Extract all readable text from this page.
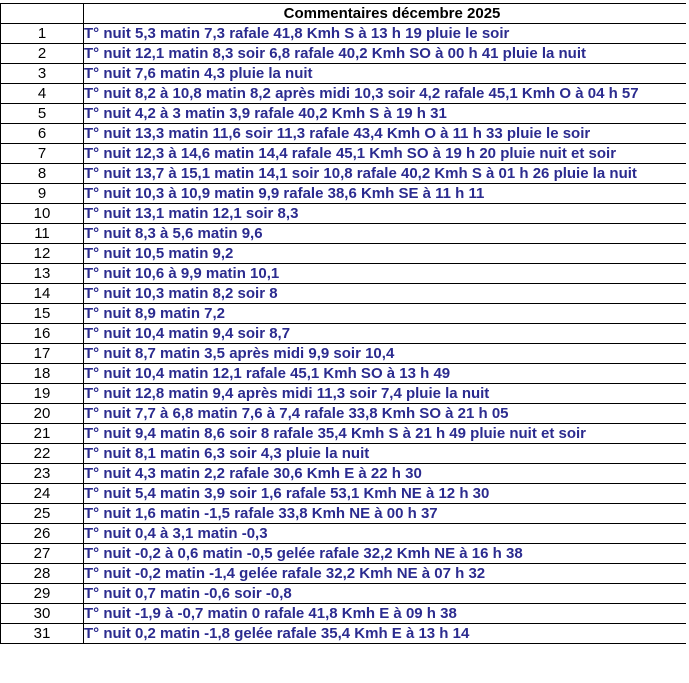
	Commentaires décembre 2025
1	T° nuit 5,3 matin 7,3 rafale 41,8 Kmh S à 13 h 19 pluie le soir
2	T° nuit 12,1 matin 8,3 soir 6,8 rafale 40,2 Kmh SO à 00 h 41 pluie la nuit
3	T° nuit 7,6 matin 4,3 pluie la nuit
4	T° nuit 8,2 à 10,8 matin 8,2 après midi 10,3 soir 4,2 rafale 45,1 Kmh O à 04 h 57
5	T° nuit 4,2 à 3 matin 3,9 rafale 40,2 Kmh S à 19 h 31
6	T° nuit 13,3 matin 11,6 soir 11,3 rafale 43,4 Kmh O à 11 h 33 pluie le soir
7	T° nuit 12,3 à 14,6 matin 14,4 rafale 45,1 Kmh SO à 19 h 20 pluie nuit et soir
8	T° nuit 13,7 à 15,1 matin 14,1 soir 10,8 rafale 40,2 Kmh S à 01 h 26 pluie la nuit
9	T° nuit 10,3 à 10,9 matin 9,9 rafale 38,6 Kmh SE à 11 h 11
10	T° nuit 13,1 matin 12,1 soir 8,3
11	T° nuit 8,3 à 5,6 matin 9,6
12	T° nuit 10,5 matin 9,2
13	T° nuit 10,6 à 9,9 matin 10,1
14	T° nuit 10,3 matin 8,2 soir 8
15	T° nuit 8,9 matin 7,2
16	T° nuit 10,4 matin 9,4 soir 8,7
17	T° nuit 8,7 matin 3,5 après midi 9,9 soir 10,4
18	T° nuit 10,4 matin 12,1 rafale 45,1 Kmh SO à 13 h 49
19	T° nuit 12,8 matin 9,4 après midi 11,3 soir 7,4 pluie la nuit
20	T° nuit 7,7 à 6,8 matin 7,6 à 7,4 rafale 33,8 Kmh SO à 21 h 05
21	T° nuit 9,4 matin 8,6 soir 8 rafale 35,4 Kmh S à 21 h 49 pluie nuit et soir
22	T° nuit 8,1 matin 6,3 soir 4,3 pluie la nuit
23	T° nuit 4,3 matin 2,2 rafale 30,6 Kmh E à 22 h 30
24	T° nuit 5,4 matin 3,9 soir 1,6 rafale 53,1 Kmh NE à 12 h 30
25	T° nuit 1,6 matin -1,5 rafale 33,8 Kmh NE à 00 h 37
26	T° nuit 0,4 à 3,1 matin -0,3
27	T° nuit -0,2 à 0,6 matin -0,5 gelée rafale 32,2 Kmh NE à 16 h 38
28	T° nuit -0,2 matin -1,4 gelée rafale 32,2 Kmh NE à 07 h 32
29	T° nuit 0,7 matin -0,6 soir -0,8
30	T° nuit -1,9 à -0,7 matin 0 rafale 41,8 Kmh E à 09 h 38
31	T° nuit 0,2 matin -1,8 gelée rafale 35,4 Kmh E à 13 h 14
